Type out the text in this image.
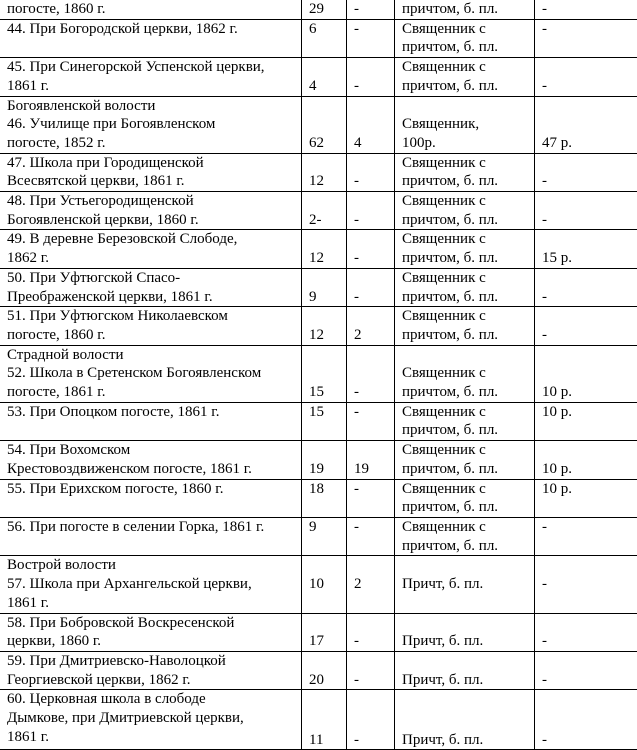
погосте, 1860 г.	29	-	причтом, б. пл.	-

44. При Богородской церкви, 1862 г.	6	-	Священник с
причтом, б. пл.	-

45. При Синегорской Успенской церкви,
1861 г.	4	-	Священник с
причтом, б. пл.	-

Богоявленской волости
46. Училище при Богоявленском
погосте, 1852 г.	62	4	Священник,
100р.	47 р.

47. Школа при Городищенской
Всесвятской церкви, 1861 г.	12	-	Священник с
причтом, б. пл.	-

48. При Устьегородищенской
Богоявленской церкви, 1860 г.	2-	-	Священник с
причтом, б. пл.	-

49. В деревне Березовской Слободе,
1862 г.	12	-	Священник с
причтом, б. пл.	15 р.

50. При Уфтюгской Спасо-
Преображенской церкви, 1861 г.	9	-	Священник с
причтом, б. пл.	-

51. При Уфтюгском Николаевском
погосте, 1860 г.	12	2	Священник с
причтом, б. пл.	-

Страдной волости
52. Школа в Сретенском Богоявленском
погосте, 1861 г.	15	-	Священник с
причтом, б. пл.	10 р.

53. При Опоцком погосте, 1861 г.	15	-	Священник с
причтом, б. пл.	10 р.

54. При Вохомском
Крестовоздвиженском погосте, 1861 г.	19	19	Священник с
причтом, б. пл.	10 р.

55. При Ерихском погосте, 1860 г.	18	-	Священник с
причтом, б. пл.	10 р.

56. При погосте в селении Горка, 1861 г.	9	-	Священник с
причтом, б. пл.	-

Вострой волости
57. Школа при Архангельской церкви,
1861 г.	10	2	Причт, б. пл.	-

58. При Бобровской Воскресенской
церкви, 1860 г.	17	-	Причт, б. пл.	-

59. При Дмитриевско-Наволоцкой
Георгиевской церкви, 1862 г.	20	-	Причт, б. пл.	-

60. Церковная школа в слободе
Дымкове, при Дмитриевской церкви,
1861 г.	11	-	Причт, б. пл.	-
